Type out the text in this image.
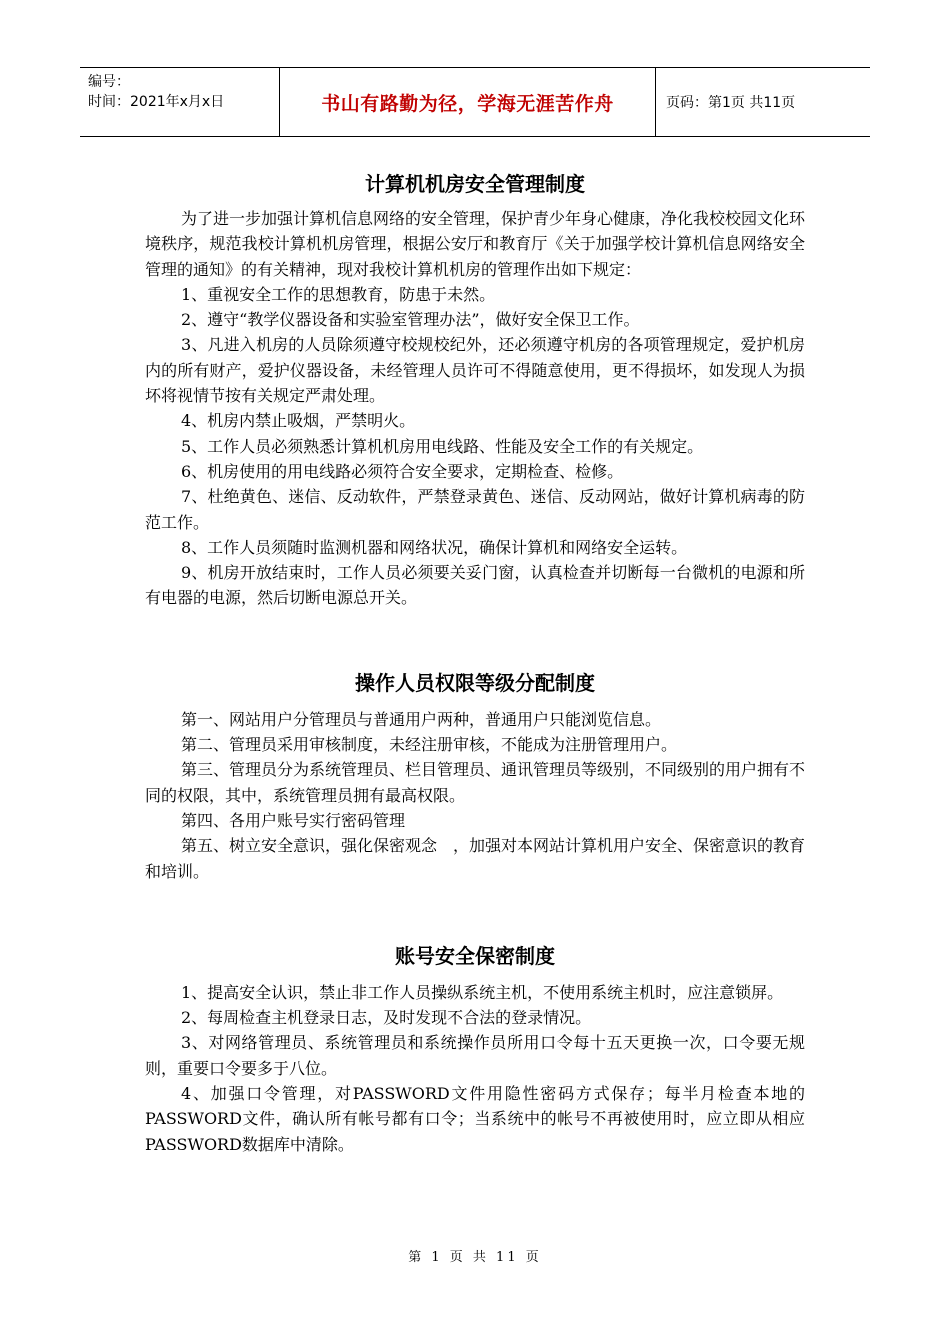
编号：
时间：2021年x月x日	书山有路勤为径，学海无涯苦作舟	页码：第1页 共11页
计算机机房安全管理制度

为了进一步加强计算机信息网络的安全管理，保护青少年身心健康，净化我校校园文化环境秩序，规范我校计算机机房管理，根据公安厅和教育厅《关于加强学校计算机信息网络安全管理的通知》的有关精神，现对我校计算机机房的管理作出如下规定：

1、重视安全工作的思想教育，防患于未然。

2、遵守“教学仪器设备和实验室管理办法”，做好安全保卫工作。

3、凡进入机房的人员除须遵守校规校纪外，还必须遵守机房的各项管理规定，爱护机房内的所有财产，爱护仪器设备，未经管理人员许可不得随意使用，更不得损坏，如发现人为损坏将视情节按有关规定严肃处理。

4、机房内禁止吸烟，严禁明火。

5、工作人员必须熟悉计算机机房用电线路、性能及安全工作的有关规定。

6、机房使用的用电线路必须符合安全要求，定期检查、检修。

7、杜绝黄色、迷信、反动软件，严禁登录黄色、迷信、反动网站，做好计算机病毒的防范工作。

8、工作人员须随时监测机器和网络状况，确保计算机和网络安全运转。

9、机房开放结束时，工作人员必须要关妥门窗，认真检查并切断每一台微机的电源和所有电器的电源，然后切断电源总开关。

操作人员权限等级分配制度

第一、网站用户分管理员与普通用户两种，普通用户只能浏览信息。

第二、管理员采用审核制度，未经注册审核，不能成为注册管理用户。

第三、管理员分为系统管理员、栏目管理员、通讯管理员等级别，不同级别的用户拥有不同的权限，其中，系统管理员拥有最高权限。

第四、各用户账号实行密码管理

第五、树立安全意识，强化保密观念　，加强对本网站计算机用户安全、保密意识的教育和培训。

账号安全保密制度

1、提高安全认识，禁止非工作人员操纵系统主机，不使用系统主机时，应注意锁屏。

2、每周检查主机登录日志，及时发现不合法的登录情况。

3、对网络管理员、系统管理员和系统操作员所用口令每十五天更换一次，口令要无规则，重要口令要多于八位。

4、加强口令管理，对PASSWORD文件用隐性密码方式保存；每半月检查本地的PASSWORD文件，确认所有帐号都有口令；当系统中的帐号不再被使用时，应立即从相应PASSWORD数据库中清除。

第 1 页 共 11 页
